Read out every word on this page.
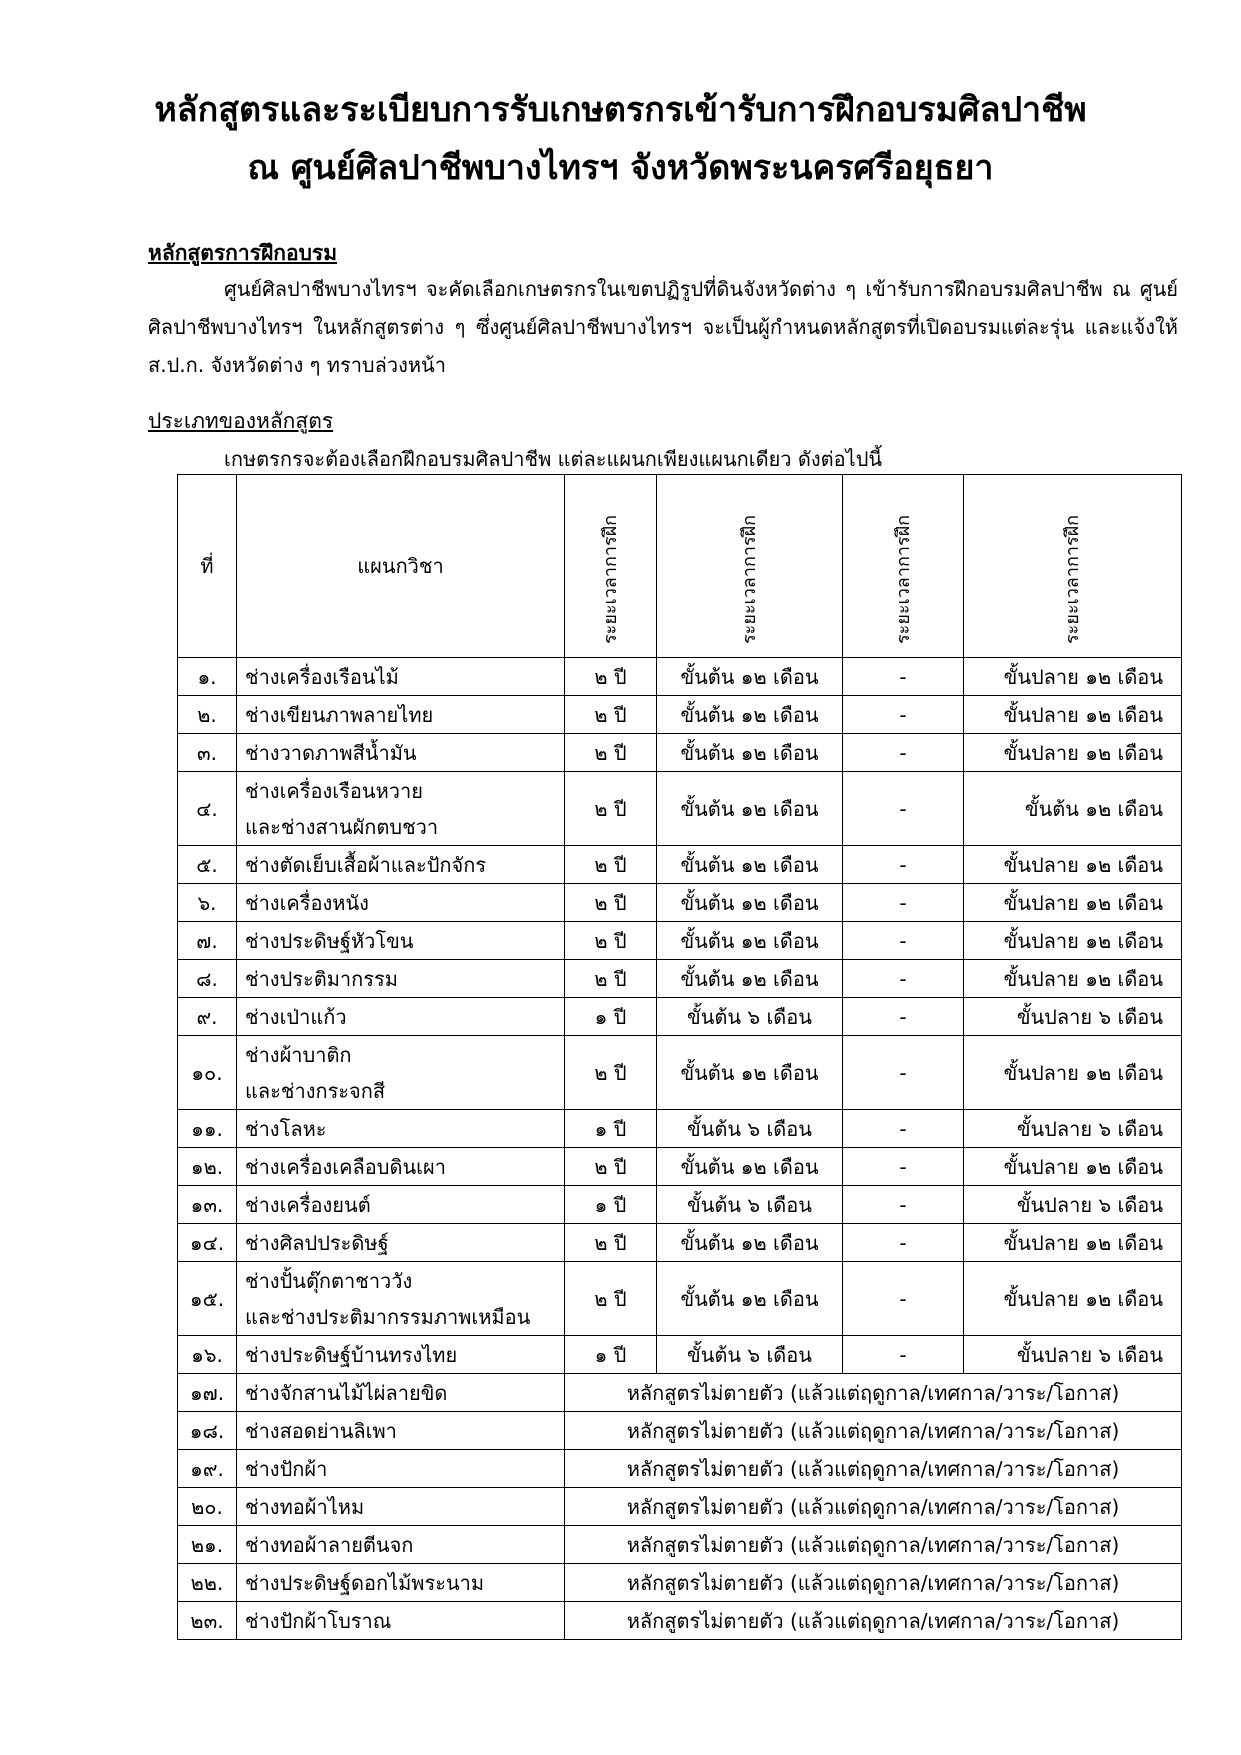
หลักสูตรและระเบียบการรับเกษตรกรเข้ารับการฝึกอบรมศิลปาชีพ
ณ ศูนย์ศิลปาชีพบางไทรฯ จังหวัดพระนครศรีอยุธยา
หลักสูตรการฝึกอบรม
ศูนย์ศิลปาชีพบางไทรฯ จะคัดเลือกเกษตรกรในเขตปฏิรูปที่ดินจังหวัดต่าง ๆ เข้ารับการฝึกอบรมศิลปาชีพ ณ ศูนย์ศิลปาชีพบางไทรฯ ในหลักสูตรต่าง ๆ ซึ่งศูนย์ศิลปาชีพบางไทรฯ จะเป็นผู้กำหนดหลักสูตรที่เปิดอบรมแต่ละรุ่น และแจ้งให้ ส.ป.ก. จังหวัดต่าง ๆ ทราบล่วงหน้า
ประเภทของหลักสูตร
เกษตรกรจะต้องเลือกฝึกอบรมศิลปาชีพ แต่ละแผนกเพียงแผนกเดียว ดังต่อไปนี้
ที่	แผนกวิชา	ระยะเวลาการฝึก	ระยะเวลาการฝึก	ระยะเวลาการฝึก	ระยะเวลาการฝึก
๑.	ช่างเครื่องเรือนไม้	๒ ปี	ขั้นต้น ๑๒ เดือน	-	ขั้นปลาย ๑๒ เดือน
๒.	ช่างเขียนภาพลายไทย	๒ ปี	ขั้นต้น ๑๒ เดือน	-	ขั้นปลาย ๑๒ เดือน
๓.	ช่างวาดภาพสีน้ำมัน	๒ ปี	ขั้นต้น ๑๒ เดือน	-	ขั้นปลาย ๑๒ เดือน
๔.	ช่างเครื่องเรือนหวาย
และช่างสานผักตบชวา	๒ ปี	ขั้นต้น ๑๒ เดือน	-	ขั้นต้น ๑๒ เดือน
๕.	ช่างตัดเย็บเสื้อผ้าและปักจักร	๒ ปี	ขั้นต้น ๑๒ เดือน	-	ขั้นปลาย ๑๒ เดือน
๖.	ช่างเครื่องหนัง	๒ ปี	ขั้นต้น ๑๒ เดือน	-	ขั้นปลาย ๑๒ เดือน
๗.	ช่างประดิษฐ์หัวโขน	๒ ปี	ขั้นต้น ๑๒ เดือน	-	ขั้นปลาย ๑๒ เดือน
๘.	ช่างประติมากรรม	๒ ปี	ขั้นต้น ๑๒ เดือน	-	ขั้นปลาย ๑๒ เดือน
๙.	ช่างเป่าแก้ว	๑ ปี	ขั้นต้น ๖ เดือน	-	ขั้นปลาย ๖ เดือน
๑๐.	ช่างผ้าบาติก
และช่างกระจกสี	๒ ปี	ขั้นต้น ๑๒ เดือน	-	ขั้นปลาย ๑๒ เดือน
๑๑.	ช่างโลหะ	๑ ปี	ขั้นต้น ๖ เดือน	-	ขั้นปลาย ๖ เดือน
๑๒.	ช่างเครื่องเคลือบดินเผา	๒ ปี	ขั้นต้น ๑๒ เดือน	-	ขั้นปลาย ๑๒ เดือน
๑๓.	ช่างเครื่องยนต์	๑ ปี	ขั้นต้น ๖ เดือน	-	ขั้นปลาย ๖ เดือน
๑๔.	ช่างศิลปประดิษฐ์	๒ ปี	ขั้นต้น ๑๒ เดือน	-	ขั้นปลาย ๑๒ เดือน
๑๕.	ช่างปั้นตุ๊กตาชาววัง
และช่างประติมากรรมภาพเหมือน	๒ ปี	ขั้นต้น ๑๒ เดือน	-	ขั้นปลาย ๑๒ เดือน
๑๖.	ช่างประดิษฐ์บ้านทรงไทย	๑ ปี	ขั้นต้น ๖ เดือน	-	ขั้นปลาย ๖ เดือน
๑๗.	ช่างจักสานไม้ไผ่ลายขิด	หลักสูตรไม่ตายตัว (แล้วแต่ฤดูกาล/เทศกาล/วาระ/โอกาส)			
๑๘.	ช่างสอดย่านลิเพา	หลักสูตรไม่ตายตัว (แล้วแต่ฤดูกาล/เทศกาล/วาระ/โอกาส)			
๑๙.	ช่างปักผ้า	หลักสูตรไม่ตายตัว (แล้วแต่ฤดูกาล/เทศกาล/วาระ/โอกาส)			
๒๐.	ช่างทอผ้าไหม	หลักสูตรไม่ตายตัว (แล้วแต่ฤดูกาล/เทศกาล/วาระ/โอกาส)			
๒๑.	ช่างทอผ้าลายตีนจก	หลักสูตรไม่ตายตัว (แล้วแต่ฤดูกาล/เทศกาล/วาระ/โอกาส)			
๒๒.	ช่างประดิษฐ์ดอกไม้พระนาม	หลักสูตรไม่ตายตัว (แล้วแต่ฤดูกาล/เทศกาล/วาระ/โอกาส)			
๒๓.	ช่างปักผ้าโบราณ	หลักสูตรไม่ตายตัว (แล้วแต่ฤดูกาล/เทศกาล/วาระ/โอกาส)			
